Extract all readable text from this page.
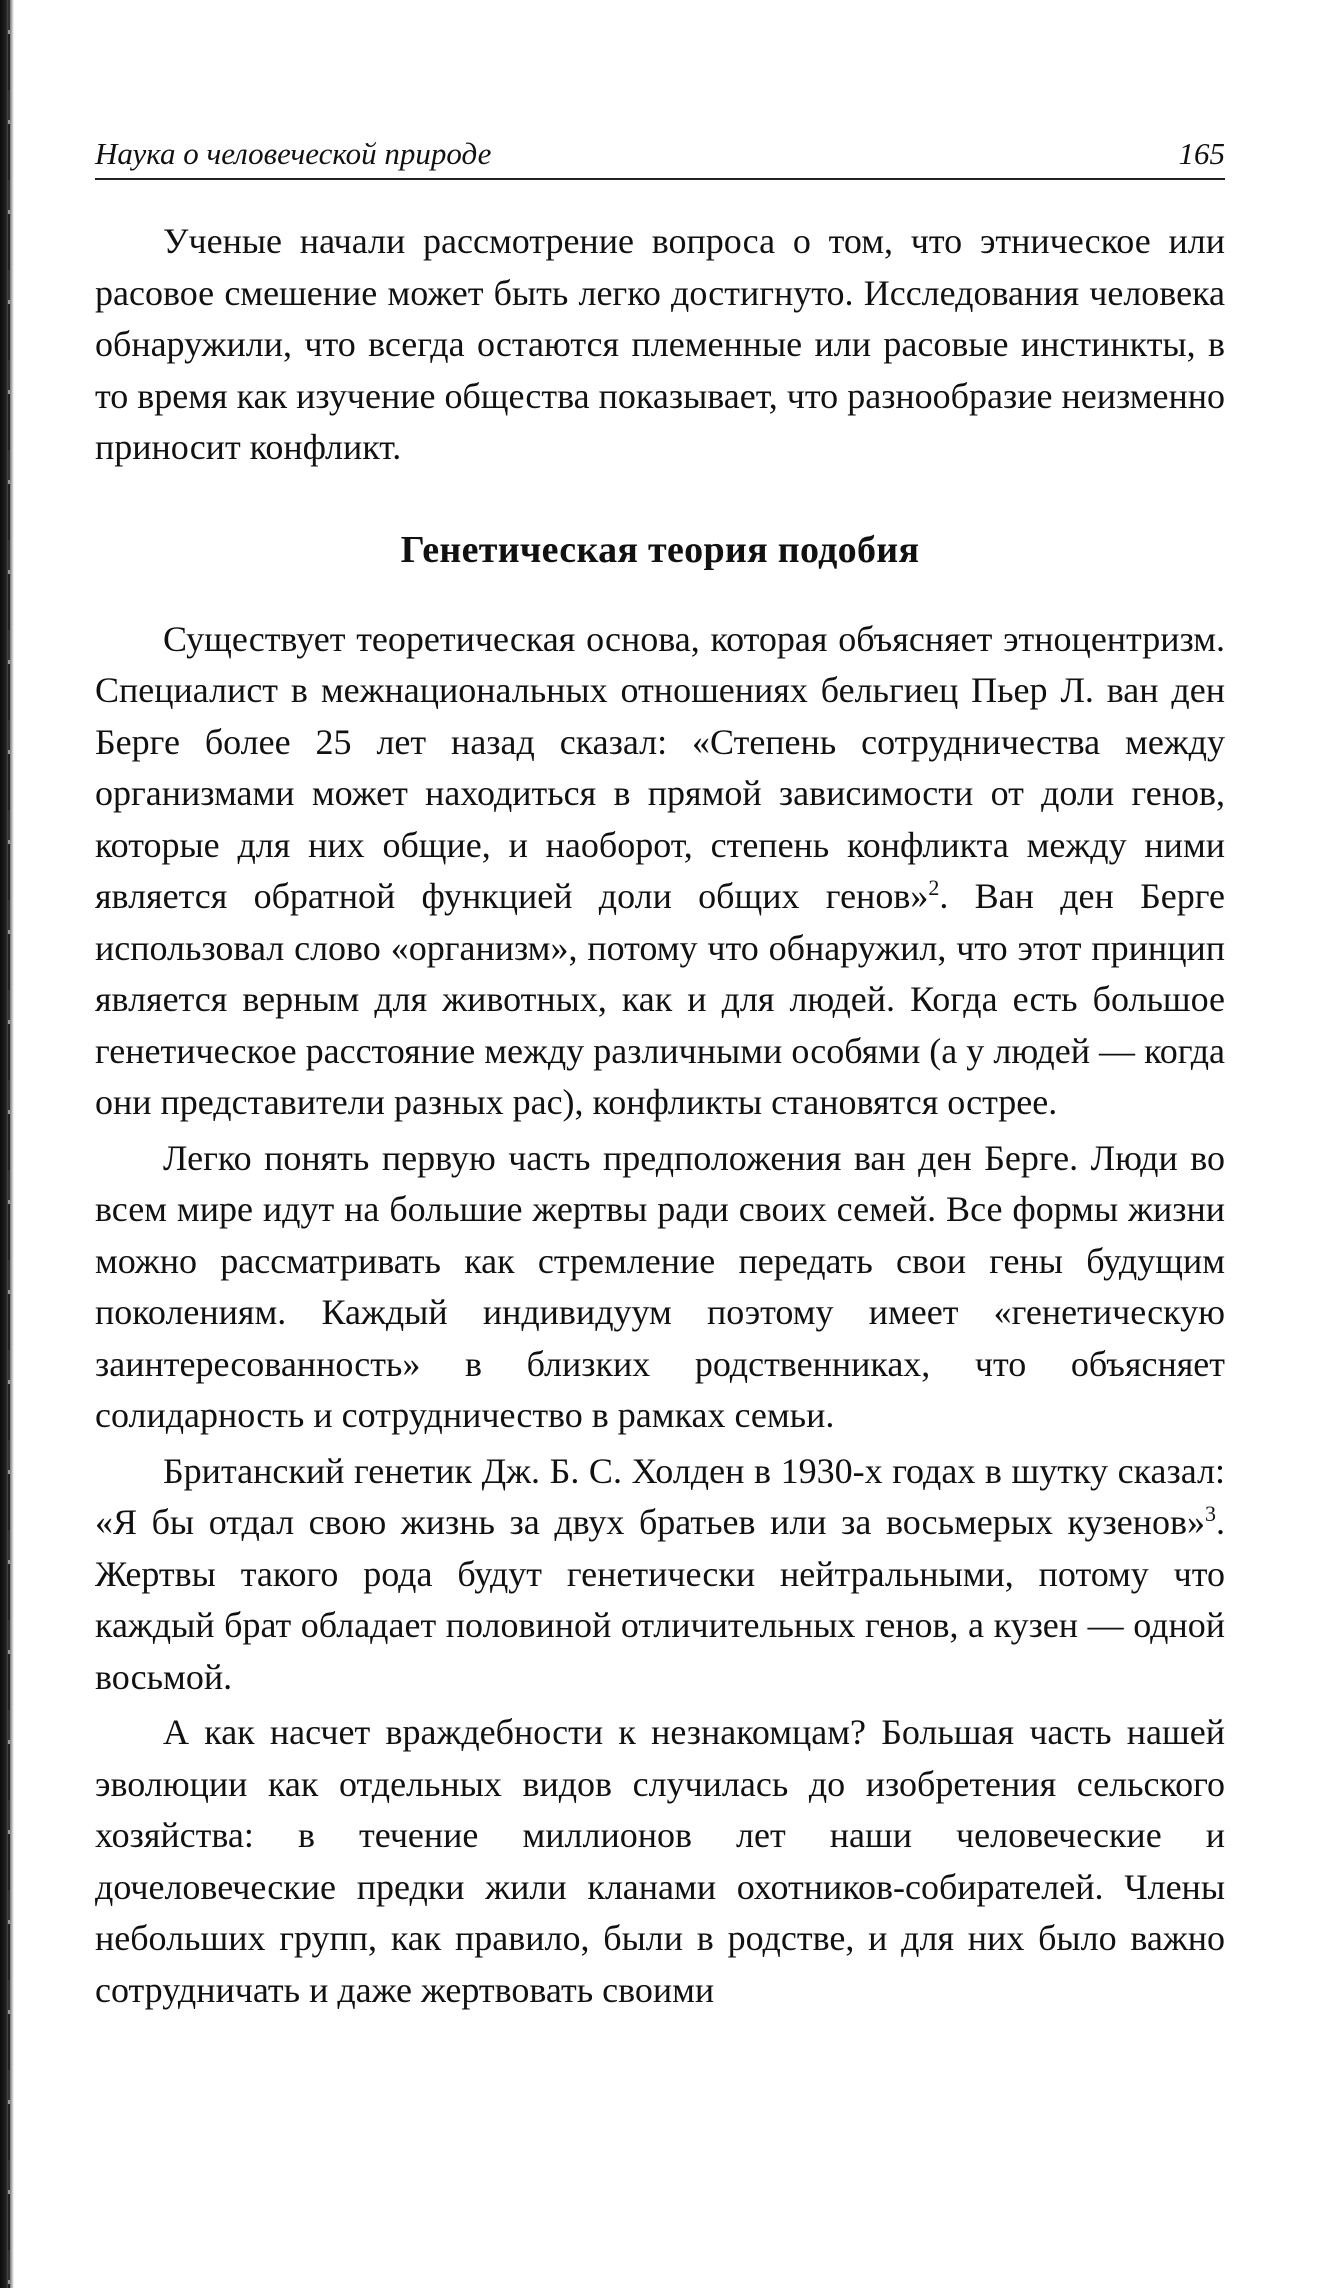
Наука о человеческой природе	165

Ученые начали рассмотрение вопроса о том, что этническое или расовое смешение может быть легко достигнуто. Исследования человека обнаружили, что всегда остаются племенные или расовые инстинкты, в то время как изучение общества показывает, что разнообразие неизменно приносит конфликт.

Генетическая теория подобия

Существует теоретическая основа, которая объясняет этноцентризм. Специалист в межнациональных отношениях бельгиец Пьер Л. ван ден Берге более 25 лет назад сказал: «Степень сотрудничества между организмами может находиться в прямой зависимости от доли генов, которые для них общие, и наоборот, степень конфликта между ними является обратной функцией доли общих генов»$^2$. Ван ден Берге использовал слово «организм», потому что обнаружил, что этот принцип является верным для животных, как и для людей. Когда есть большое генетическое расстояние между различными особями (а у людей — когда они представители разных рас), конфликты становятся острее.

Легко понять первую часть предположения ван ден Берге. Люди во всем мире идут на большие жертвы ради своих семей. Все формы жизни можно рассматривать как стремление передать свои гены будущим поколениям. Каждый индивидуум поэтому имеет «генетическую заинтересованность» в близких родственниках, что объясняет солидарность и сотрудничество в рамках семьи.

Британский генетик Дж. Б. С. Холден в 1930-х годах в шутку сказал: «Я бы отдал свою жизнь за двух братьев или за восьмерых кузенов»$^3$. Жертвы такого рода будут генетически нейтральными, потому что каждый брат обладает половиной отличительных генов, а кузен — одной восьмой.

А как насчет враждебности к незнакомцам? Большая часть нашей эволюции как отдельных видов случилась до изобретения сельского хозяйства: в течение миллионов лет наши человеческие и дочеловеческие предки жили кланами охотников-собирателей. Члены небольших групп, как правило, были в родстве, и для них было важно сотрудничать и даже жертвовать своими
